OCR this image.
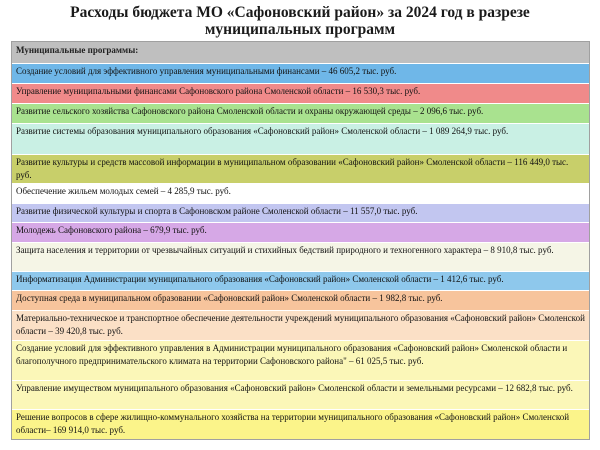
Расходы бюджета МО «Сафоновский район» за 2024 год в разрезе
муниципальных программ
Муниципальные программы:
Создание условий для эффективного управления муниципальными финансами – 46 605,2 тыс. руб.
Управление муниципальными финансами Сафоновского района Смоленской области – 16 530,3 тыс. руб.
Развитие сельского хозяйства Сафоновского района Смоленской области и охраны окружающей среды – 2 096,6 тыс. руб.
Развитие системы образования муниципального образования «Сафоновский район» Смоленской области – 1 089 264,9 тыс. руб.
Развитие культуры и средств массовой информации в муниципальном образовании «Сафоновский район» Смоленской области – 116 449,0 тыс. руб.
Обеспечение жильем молодых семей – 4 285,9 тыс. руб.
Развитие физической культуры и спорта в Сафоновском районе Смоленской области – 11 557,0 тыс. руб.
Молодежь Сафоновского района – 679,9 тыс. руб.
Защита населения и территории от чрезвычайных ситуаций и стихийных бедствий природного и техногенного характера – 8 910,8 тыс. руб.
Информатизация Администрации муниципального образования «Сафоновский район» Смоленской области – 1 412,6 тыс. руб.
Доступная среда в муниципальном образовании «Сафоновский район» Смоленской области – 1 982,8 тыс. руб.
Материально-техническое и транспортное обеспечение деятельности учреждений муниципального образования «Сафоновский район» Смоленской области – 39 420,8 тыс. руб.
Создание условий для эффективного управления в Администрации муниципального образования «Сафоновский район» Смоленской области и благополучного предпринимательского климата на территории Сафоновского района" – 61 025,5 тыс. руб.
Управление имуществом муниципального образования «Сафоновский район» Смоленской области и земельными ресурсами – 12 682,8 тыс. руб.
Решение вопросов в сфере жилищно-коммунального хозяйства на территории муниципального образования «Сафоновский район» Смоленской области– 169 914,0 тыс. руб.
